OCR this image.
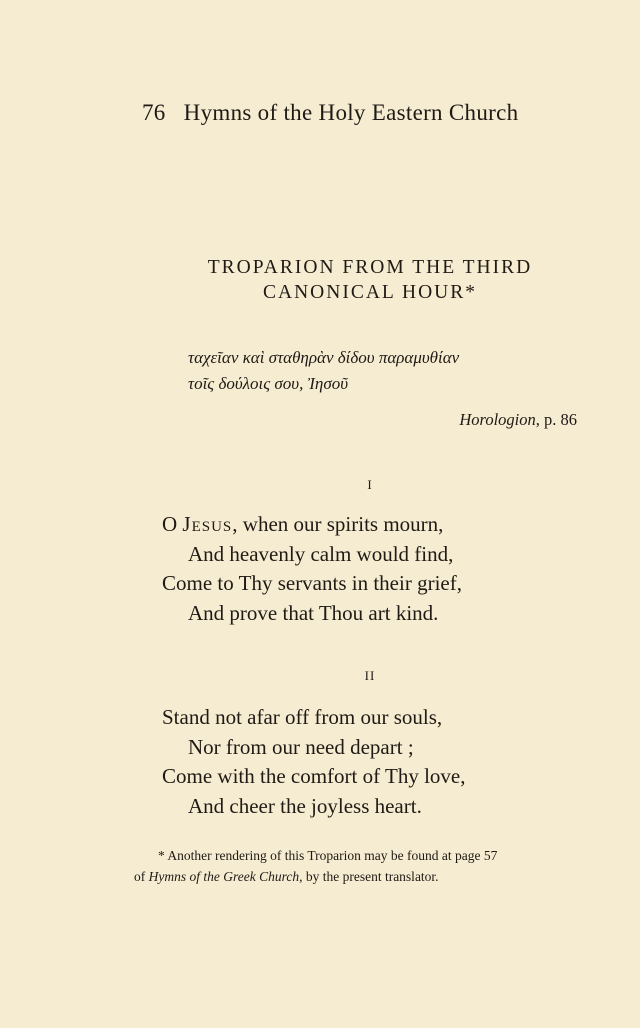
76 Hymns of the Holy Eastern Church
TROPARION FROM THE THIRD
CANONICAL HOUR*
ταχεῖαν καὶ σταθηρὰν δίδου παραμυθίαν
τοῖς δούλοις σου, Ἰησοῦ
Horologion, p. 86
I
O Jesus, when our spirits mourn,
And heavenly calm would find,
Come to Thy servants in their grief,
And prove that Thou art kind.
II
Stand not afar off from our souls,
Nor from our need depart ;
Come with the comfort of Thy love,
And cheer the joyless heart.
* Another rendering of this Troparion may be found at page 57
of Hymns of the Greek Church, by the present translator.
